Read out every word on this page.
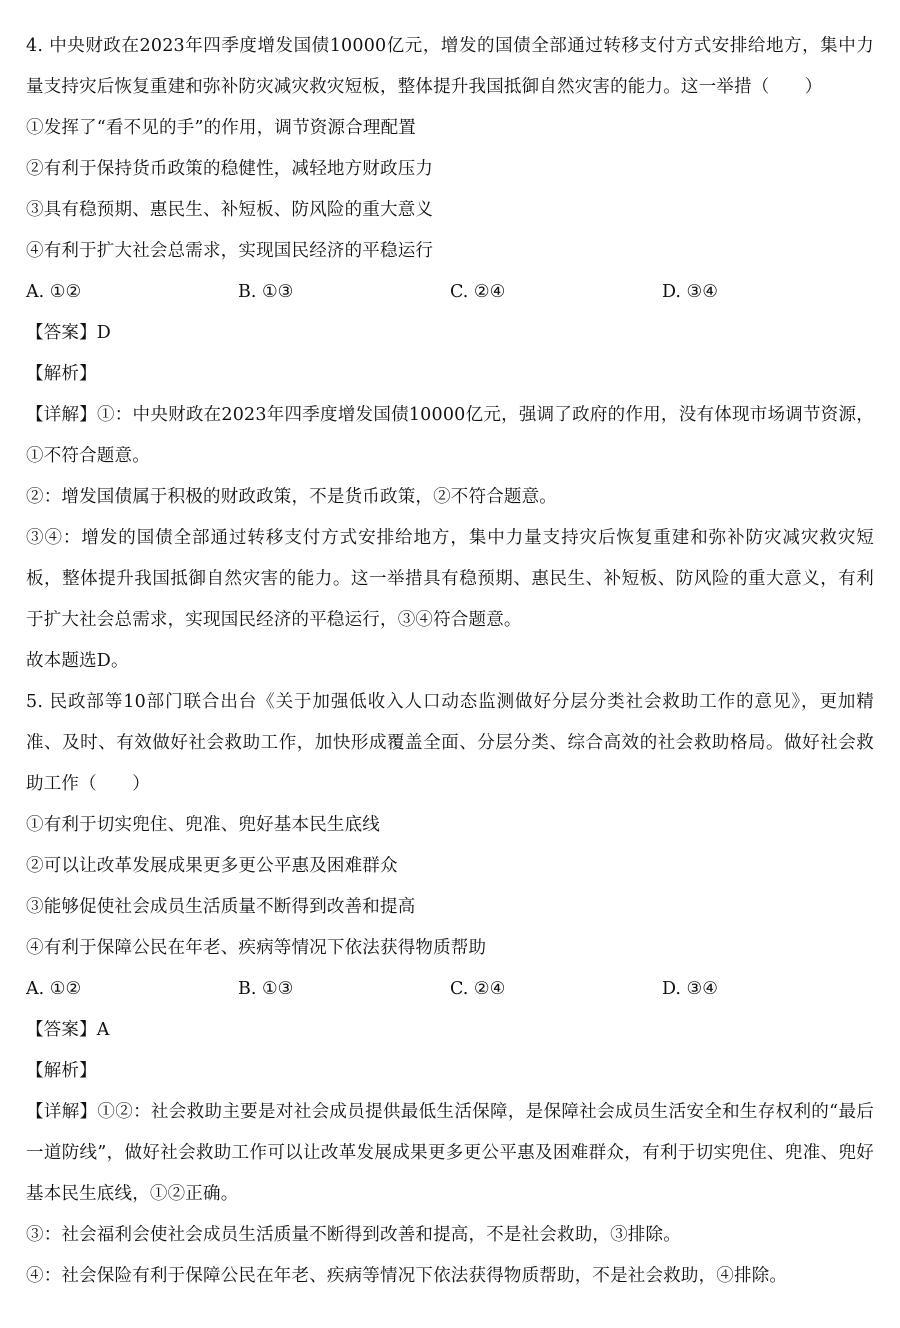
4. 中央财政在2023年四季度增发国债10000亿元，增发的国债全部通过转移支付方式安排给地方，集中力量支持灾后恢复重建和弥补防灾减灾救灾短板，整体提升我国抵御自然灾害的能力。这一举措（　　）
①发挥了“看不见的手”的作用，调节资源合理配置
②有利于保持货币政策的稳健性，减轻地方财政压力
③具有稳预期、惠民生、补短板、防风险的重大意义
④有利于扩大社会总需求，实现国民经济的平稳运行
A. ①②	B. ①③	C. ②④	D. ③④
【答案】D
【解析】
【详解】①：中央财政在2023年四季度增发国债10000亿元，强调了政府的作用，没有体现市场调节资源，①不符合题意。
②：增发国债属于积极的财政政策，不是货币政策，②不符合题意。
③④：增发的国债全部通过转移支付方式安排给地方，集中力量支持灾后恢复重建和弥补防灾减灾救灾短板，整体提升我国抵御自然灾害的能力。这一举措具有稳预期、惠民生、补短板、防风险的重大意义，有利于扩大社会总需求，实现国民经济的平稳运行，③④符合题意。
故本题选D。
5. 民政部等10部门联合出台《关于加强低收入人口动态监测做好分层分类社会救助工作的意见》，更加精准、及时、有效做好社会救助工作，加快形成覆盖全面、分层分类、综合高效的社会救助格局。做好社会救助工作（　　）
①有利于切实兜住、兜准、兜好基本民生底线
②可以让改革发展成果更多更公平惠及困难群众
③能够促使社会成员生活质量不断得到改善和提高
④有利于保障公民在年老、疾病等情况下依法获得物质帮助
A. ①②	B. ①③	C. ②④	D. ③④
【答案】A
【解析】
【详解】①②：社会救助主要是对社会成员提供最低生活保障，是保障社会成员生活安全和生存权利的“最后一道防线”，做好社会救助工作可以让改革发展成果更多更公平惠及困难群众，有利于切实兜住、兜准、兜好基本民生底线，①②正确。
③：社会福利会使社会成员生活质量不断得到改善和提高，不是社会救助，③排除。
④：社会保险有利于保障公民在年老、疾病等情况下依法获得物质帮助，不是社会救助，④排除。
